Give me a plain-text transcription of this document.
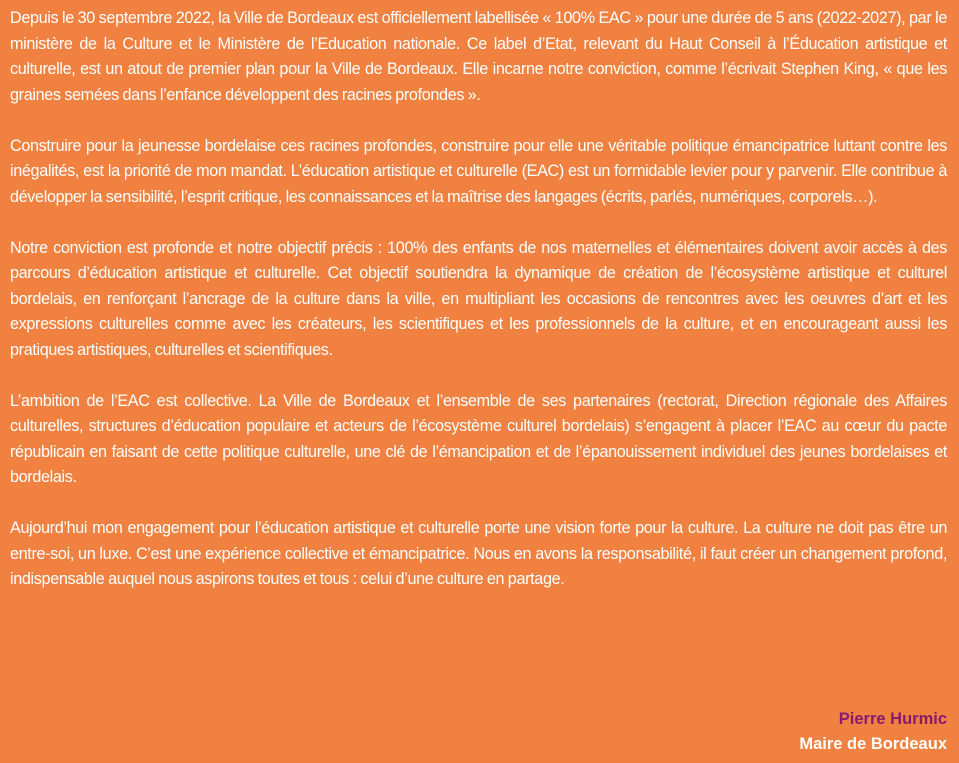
Depuis le 30 septembre 2022, la Ville de Bordeaux est officiellement labellisée « 100% EAC » pour une durée de 5 ans (2022-2027), par le ministère de la Culture et le Ministère de l’Education nationale. Ce label d’Etat, relevant du Haut Conseil à l’Éducation artistique et culturelle, est un atout de premier plan pour la Ville de Bordeaux. Elle incarne notre conviction, comme l’écrivait Stephen King, « que les graines semées dans l’enfance développent des racines profondes ».

Construire pour la jeunesse bordelaise ces racines profondes, construire pour elle une véritable politique émancipatrice luttant contre les inégalités, est la priorité de mon mandat. L’éducation artistique et culturelle (EAC) est un formidable levier pour y parvenir. Elle contribue à développer la sensibilité, l’esprit critique, les connaissances et la maîtrise des langages (écrits, parlés, numériques, corporels…).

Notre conviction est profonde et notre objectif précis : 100% des enfants de nos maternelles et élémentaires doivent avoir accès à des parcours d’éducation artistique et culturelle. Cet objectif soutiendra la dynamique de création de l’écosystème artistique et culturel bordelais, en renforçant l’ancrage de la culture dans la ville, en multipliant les occasions de rencontres avec les oeuvres d’art et les expressions culturelles comme avec les créateurs, les scientifiques et les professionnels de la culture, et en encourageant aussi les pratiques artistiques, culturelles et scientifiques.

L’ambition de l’EAC est collective. La Ville de Bordeaux et l’ensemble de ses partenaires (rectorat, Direction régionale des Affaires culturelles, structures d’éducation populaire et acteurs de l’écosystème culturel bordelais) s’engagent à placer l’EAC au cœur du pacte républicain en faisant de cette politique culturelle, une clé de l’émancipation et de l’épanouissement individuel des jeunes bordelaises et bordelais.

Aujourd’hui mon engagement pour l’éducation artistique et culturelle porte une vision forte pour la culture. La culture ne doit pas être un entre-soi, un luxe. C’est une expérience collective et émancipatrice. Nous en avons la responsabilité, il faut créer un changement profond, indispensable auquel nous aspirons toutes et tous : celui d’une culture en partage.

Pierre Hurmic
Maire de Bordeaux
